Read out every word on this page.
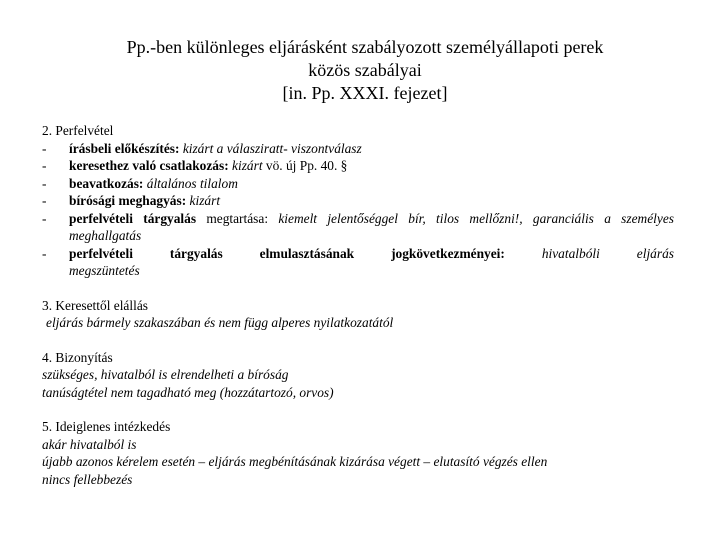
Pp.-ben különleges eljárásként szabályozott személyállapoti perek
közös szabályai
[in. Pp. XXXI. fejezet]
2. Perfelvétel
- írásbeli előkészítés: kizárt a válasziratt- viszontválasz
- keresethez való csatlakozás: kizárt vö. új Pp. 40. §
- beavatkozás: általános tilalom
- bírósági meghagyás: kizárt
- perfelvételi tárgyalás megtartása: kiemelt jelentőséggel bír, tilos mellőzni!, garanciális a személyes meghallgatás
- perfelvételi tárgyalás elmulasztásának jogkövetkezményei:	hivatalbóli eljárás
megszüntetés
3. Keresettől elállás
eljárás bármely szakaszában és nem függ alperes nyilatkozatától
4. Bizonyítás
szükséges, hivatalból is elrendelheti a bíróság
tanúságtétel nem tagadható meg (hozzátartozó, orvos)
5. Ideiglenes intézkedés
akár hivatalból is
újabb azonos kérelem esetén – eljárás megbénításának kizárása végett – elutasító végzés ellen
nincs fellebbezés
